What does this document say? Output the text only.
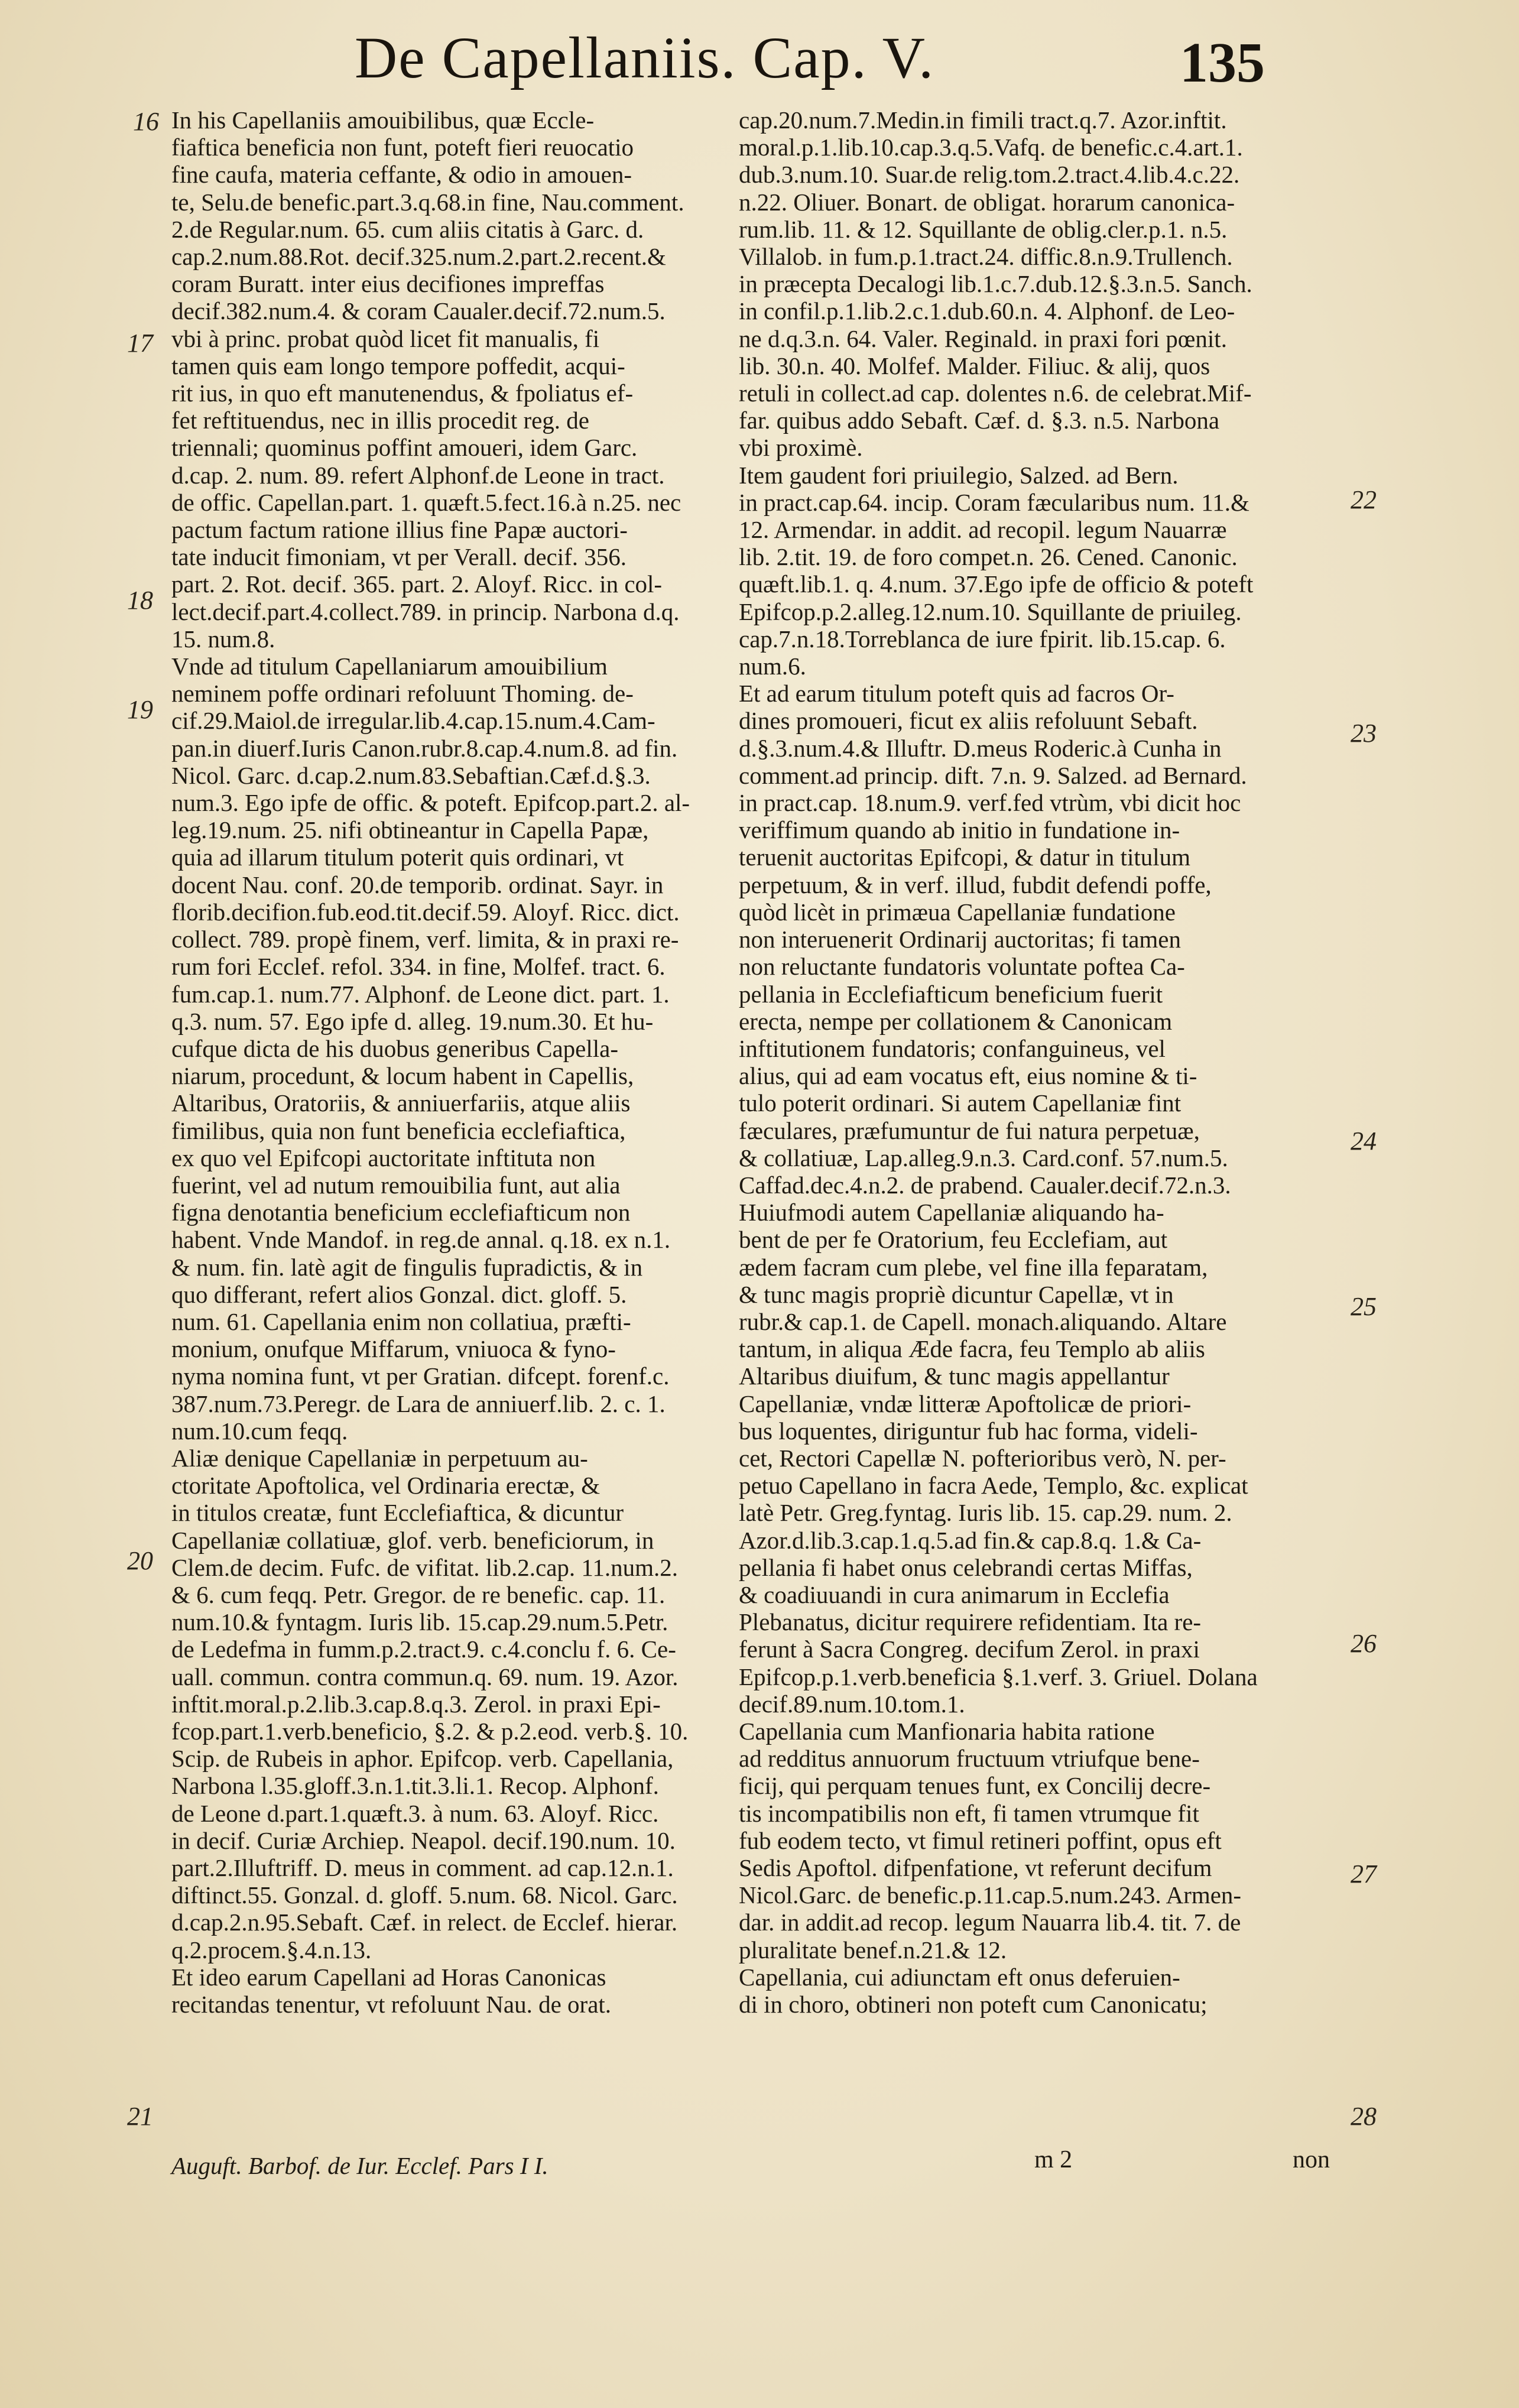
De Capellaniis. Cap. V.	135
16
17
18
19
20
21
22
23
24
25
26
27
28
In his Capellaniis amouibilibus, quæ Eccle-
fiaftica beneficia non funt, poteft fieri reuocatio
fine caufa, materia ceffante, & odio in amouen-
te, Selu.de benefic.part.3.q.68.in fine, Nau.comment.
2.de Regular.num. 65. cum aliis citatis à Garc. d.
cap.2.num.88.Rot. decif.325.num.2.part.2.recent.&
coram Buratt. inter eius decifiones impreffas
decif.382.num.4. & coram Caualer.decif.72.num.5.
vbi à princ. probat quòd licet fit manualis, fi
tamen quis eam longo tempore poffedit, acqui-
rit ius, in quo eft manutenendus, & fpoliatus ef-
fet reftituendus, nec in illis procedit reg. de
triennali; quominus poffint amoueri, idem Garc.
d.cap. 2. num. 89. refert Alphonf.de Leone in tract.
de offic. Capellan.part. 1. quæft.5.fect.16.à n.25. nec
pactum factum ratione illius fine Papæ auctori-
tate inducit fimoniam, vt per Verall. decif. 356.
part. 2. Rot. decif. 365. part. 2. Aloyf. Ricc. in col-
lect.decif.part.4.collect.789. in princip. Narbona d.q.
15. num.8.
Vnde ad titulum Capellaniarum amouibilium
neminem poffe ordinari refoluunt Thoming. de-
cif.29.Maiol.de irregular.lib.4.cap.15.num.4.Cam-
pan.in diuerf.Iuris Canon.rubr.8.cap.4.num.8. ad fin.
Nicol. Garc. d.cap.2.num.83.Sebaftian.Cæf.d.§.3.
num.3. Ego ipfe de offic. & poteft. Epifcop.part.2. al-
leg.19.num. 25. nifi obtineantur in Capella Papæ,
quia ad illarum titulum poterit quis ordinari, vt
docent Nau. conf. 20.de temporib. ordinat. Sayr. in
florib.decifion.fub.eod.tit.decif.59. Aloyf. Ricc. dict.
collect. 789. propè finem, verf. limita, & in praxi re-
rum fori Ecclef. refol. 334. in fine, Molfef. tract. 6.
fum.cap.1. num.77. Alphonf. de Leone dict. part. 1.
q.3. num. 57. Ego ipfe d. alleg. 19.num.30. Et hu-
cufque dicta de his duobus generibus Capella-
niarum, procedunt, & locum habent in Capellis,
Altaribus, Oratoriis, & anniuerfariis, atque aliis
fimilibus, quia non funt beneficia ecclefiaftica,
ex quo vel Epifcopi auctoritate inftituta non
fuerint, vel ad nutum remouibilia funt, aut alia
figna denotantia beneficium ecclefiafticum non
habent. Vnde Mandof. in reg.de annal. q.18. ex n.1.
& num. fin. latè agit de fingulis fupradictis, & in
quo differant, refert alios Gonzal. dict. gloff. 5.
num. 61. Capellania enim non collatiua, præfti-
monium, onufque Miffarum, vniuoca & fyno-
nyma nomina funt, vt per Gratian. difcept. forenf.c.
387.num.73.Peregr. de Lara de anniuerf.lib. 2. c. 1.
num.10.cum feqq.
Aliæ denique Capellaniæ in perpetuum au-
ctoritate Apoftolica, vel Ordinaria erectæ, &
in titulos creatæ, funt Ecclefiaftica, & dicuntur
Capellaniæ collatiuæ, glof. verb. beneficiorum, in
Clem.de decim. Fufc. de vifitat. lib.2.cap. 11.num.2.
& 6. cum feqq. Petr. Gregor. de re benefic. cap. 11.
num.10.& fyntagm. Iuris lib. 15.cap.29.num.5.Petr.
de Ledefma in fumm.p.2.tract.9. c.4.conclu f. 6. Ce-
uall. commun. contra commun.q. 69. num. 19. Azor.
inftit.moral.p.2.lib.3.cap.8.q.3. Zerol. in praxi Epi-
fcop.part.1.verb.beneficio, §.2. & p.2.eod. verb.§. 10.
Scip. de Rubeis in aphor. Epifcop. verb. Capellania,
Narbona l.35.gloff.3.n.1.tit.3.li.1. Recop. Alphonf.
de Leone d.part.1.quæft.3. à num. 63. Aloyf. Ricc.
in decif. Curiæ Archiep. Neapol. decif.190.num. 10.
part.2.Illuftriff. D. meus in comment. ad cap.12.n.1.
diftinct.55. Gonzal. d. gloff. 5.num. 68. Nicol. Garc.
d.cap.2.n.95.Sebaft. Cæf. in relect. de Ecclef. hierar.
q.2.procem.§.4.n.13.
Et ideo earum Capellani ad Horas Canonicas
recitandas tenentur, vt refoluunt Nau. de orat.
Auguft. Barbof. de Iur. Ecclef. Pars I I.
cap.20.num.7.Medin.in fimili tract.q.7. Azor.inftit.
moral.p.1.lib.10.cap.3.q.5.Vafq. de benefic.c.4.art.1.
dub.3.num.10. Suar.de relig.tom.2.tract.4.lib.4.c.22.
n.22. Oliuer. Bonart. de obligat. horarum canonica-
rum.lib. 11. & 12. Squillante de oblig.cler.p.1. n.5.
Villalob. in fum.p.1.tract.24. diffic.8.n.9.Trullench.
in præcepta Decalogi lib.1.c.7.dub.12.§.3.n.5. Sanch.
in confil.p.1.lib.2.c.1.dub.60.n. 4. Alphonf. de Leo-
ne d.q.3.n. 64. Valer. Reginald. in praxi fori pœnit.
lib. 30.n. 40. Molfef. Malder. Filiuc. & alij, quos
retuli in collect.ad cap. dolentes n.6. de celebrat.Mif-
far. quibus addo Sebaft. Cæf. d. §.3. n.5. Narbona
vbi proximè.
Item gaudent fori priuilegio, Salzed. ad Bern.
in pract.cap.64. incip. Coram fæcularibus num. 11.&
12. Armendar. in addit. ad recopil. legum Nauarræ
lib. 2.tit. 19. de foro compet.n. 26. Cened. Canonic.
quæft.lib.1. q. 4.num. 37.Ego ipfe de officio & poteft
Epifcop.p.2.alleg.12.num.10. Squillante de priuileg.
cap.7.n.18.Torreblanca de iure fpirit. lib.15.cap. 6.
num.6.
Et ad earum titulum poteft quis ad facros Or-
dines promoueri, ficut ex aliis refoluunt Sebaft.
d.§.3.num.4.& Illuftr. D.meus Roderic.à Cunha in
comment.ad princip. dift. 7.n. 9. Salzed. ad Bernard.
in pract.cap. 18.num.9. verf.fed vtrùm, vbi dicit hoc
veriffimum quando ab initio in fundatione in-
teruenit auctoritas Epifcopi, & datur in titulum
perpetuum, & in verf. illud, fubdit defendi poffe,
quòd licèt in primæua Capellaniæ fundatione
non interuenerit Ordinarij auctoritas; fi tamen
non reluctante fundatoris voluntate poftea Ca-
pellania in Ecclefiafticum beneficium fuerit
erecta, nempe per collationem & Canonicam
inftitutionem fundatoris; confanguineus, vel
alius, qui ad eam vocatus eft, eius nomine & ti-
tulo poterit ordinari. Si autem Capellaniæ fint
fæculares, præfumuntur de fui natura perpetuæ,
& collatiuæ, Lap.alleg.9.n.3. Card.conf. 57.num.5.
Caffad.dec.4.n.2. de prabend. Caualer.decif.72.n.3.
Huiufmodi autem Capellaniæ aliquando ha-
bent de per fe Oratorium, feu Ecclefiam, aut
ædem facram cum plebe, vel fine illa feparatam,
& tunc magis propriè dicuntur Capellæ, vt in
rubr.& cap.1. de Capell. monach.aliquando. Altare
tantum, in aliqua Æde facra, feu Templo ab aliis
Altaribus diuifum, & tunc magis appellantur
Capellaniæ, vndæ litteræ Apoftolicæ de priori-
bus loquentes, diriguntur fub hac forma, videli-
cet, Rectori Capellæ N. pofterioribus verò, N. per-
petuo Capellano in facra Aede, Templo, &c. explicat
latè Petr. Greg.fyntag. Iuris lib. 15. cap.29. num. 2.
Azor.d.lib.3.cap.1.q.5.ad fin.& cap.8.q. 1.& Ca-
pellania fi habet onus celebrandi certas Miffas,
& coadiuuandi in cura animarum in Ecclefia
Plebanatus, dicitur requirere refidentiam. Ita re-
ferunt à Sacra Congreg. decifum Zerol. in praxi
Epifcop.p.1.verb.beneficia §.1.verf. 3. Griuel. Dolana
decif.89.num.10.tom.1.
Capellania cum Manfionaria habita ratione
ad redditus annuorum fructuum vtriufque bene-
ficij, qui perquam tenues funt, ex Concilij decre-
tis incompatibilis non eft, fi tamen vtrumque fit
fub eodem tecto, vt fimul retineri poffint, opus eft
Sedis Apoftol. difpenfatione, vt referunt decifum
Nicol.Garc. de benefic.p.11.cap.5.num.243. Armen-
dar. in addit.ad recop. legum Nauarra lib.4. tit. 7. de
pluralitate benef.n.21.& 12.
Capellania, cui adiunctam eft onus deferuien-
di in choro, obtineri non poteft cum Canonicatu;
m 2	non
